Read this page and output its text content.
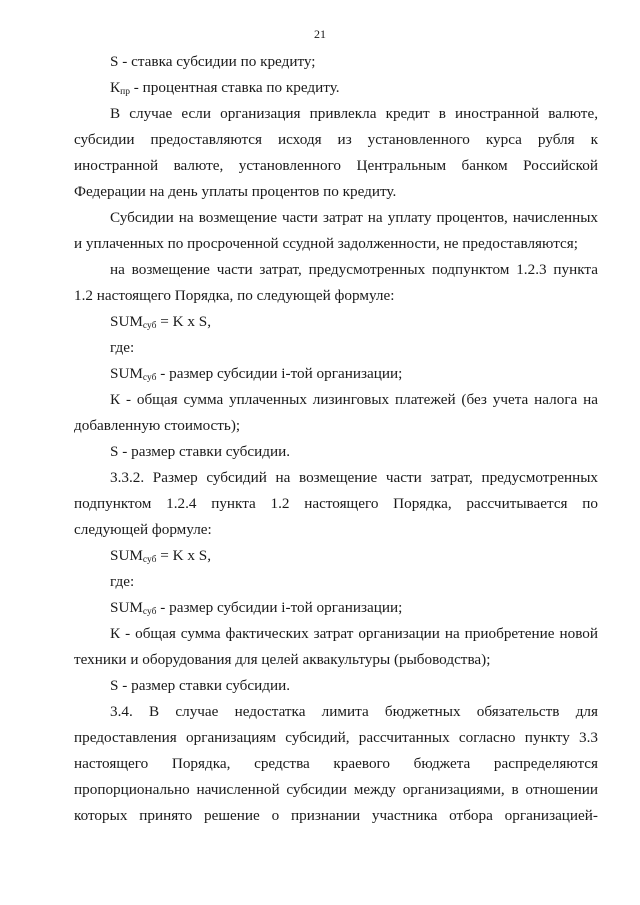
21
S - ставка субсидии по кредиту;
$К_{пр}$ - процентная ставка по кредиту.
В случае если организация привлекла кредит в иностранной валюте,
субсидии предоставляются исходя из установленного курса рубля к
иностранной валюте, установленного Центральным банком Российской
Федерации на день уплаты процентов по кредиту.
Субсидии на возмещение части затрат на уплату процентов, начисленных
и уплаченных по просроченной ссудной задолженности, не предоставляются;
на возмещение части затрат, предусмотренных подпунктом 1.2.3 пункта
1.2 настоящего Порядка, по следующей формуле:
$SUM_{суб} = K$ x S,
где:
$SUM_{суб}$ - размер субсидии i-той организации;
К - общая сумма уплаченных лизинговых платежей (без учета налога на
добавленную стоимость);
S - размер ставки субсидии.
3.3.2. Размер субсидий на возмещение части затрат, предусмотренных
подпунктом 1.2.4 пункта 1.2 настоящего Порядка, рассчитывается по
следующей формуле:
$SUM_{суб} = K$ x S,
где:
$SUM_{суб}$ - размер субсидии i-той организации;
К - общая сумма фактических затрат организации на приобретение новой
техники и оборудования для целей аквакультуры (рыбоводства);
S - размер ставки субсидии.
3.4. В случае недостатка лимита бюджетных обязательств для
предоставления организациям субсидий, рассчитанных согласно пункту 3.3
настоящего Порядка, средства краевого бюджета распределяются
пропорционально начисленной субсидии между организациями, в отношении
которых принято решение о признании участника отбора организацией-
